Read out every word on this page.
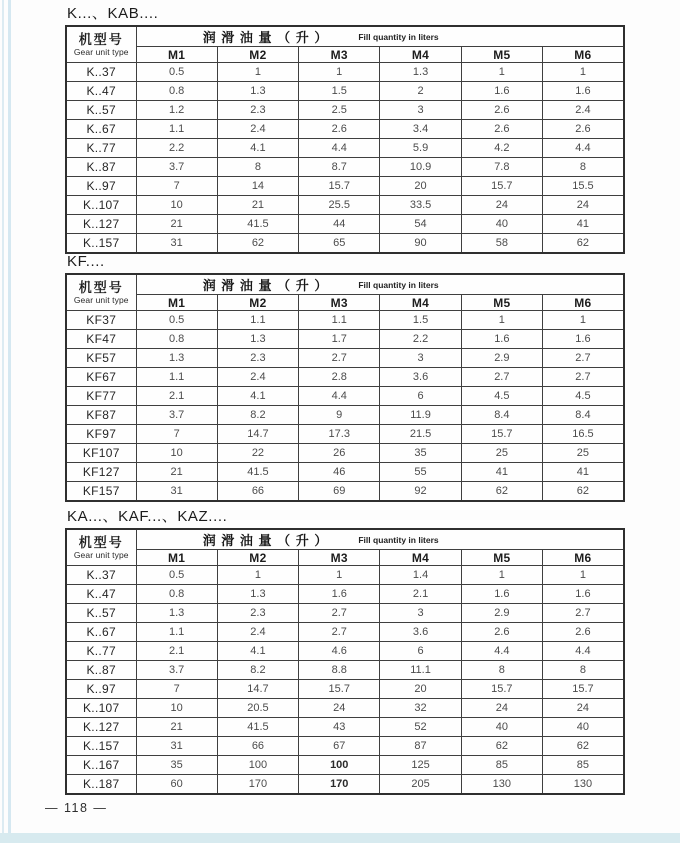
K...、KAB....
机型号
Gear unit type	润 滑 油 量 （ 升 ） Fill quantity in liters					

	M1	M2	M3	M4	M5	M6
K..37	0.5	1	1	1.3	1	1
K..47	0.8	1.3	1.5	2	1.6	1.6
K..57	1.2	2.3	2.5	3	2.6	2.4
K..67	1.1	2.4	2.6	3.4	2.6	2.6
K..77	2.2	4.1	4.4	5.9	4.2	4.4
K..87	3.7	8	8.7	10.9	7.8	8
K..97	7	14	15.7	20	15.7	15.5
K..107	10	21	25.5	33.5	24	24
K..127	21	41.5	44	54	40	41
K..157	31	62	65	90	58	62
KF....
机型号
Gear unit type	润 滑 油 量 （ 升 ） Fill quantity in liters					

	M1	M2	M3	M4	M5	M6
KF37	0.5	1.1	1.1	1.5	1	1
KF47	0.8	1.3	1.7	2.2	1.6	1.6
KF57	1.3	2.3	2.7	3	2.9	2.7
KF67	1.1	2.4	2.8	3.6	2.7	2.7
KF77	2.1	4.1	4.4	6	4.5	4.5
KF87	3.7	8.2	9	11.9	8.4	8.4
KF97	7	14.7	17.3	21.5	15.7	16.5
KF107	10	22	26	35	25	25
KF127	21	41.5	46	55	41	41
KF157	31	66	69	92	62	62
KA...、KAF...、KAZ....
机型号
Gear unit type	润 滑 油 量 （ 升 ） Fill quantity in liters					

	M1	M2	M3	M4	M5	M6
K..37	0.5	1	1	1.4	1	1
K..47	0.8	1.3	1.6	2.1	1.6	1.6
K..57	1.3	2.3	2.7	3	2.9	2.7
K..67	1.1	2.4	2.7	3.6	2.6	2.6
K..77	2.1	4.1	4.6	6	4.4	4.4
K..87	3.7	8.2	8.8	11.1	8	8
K..97	7	14.7	15.7	20	15.7	15.7
K..107	10	20.5	24	32	24	24
K..127	21	41.5	43	52	40	40
K..157	31	66	67	87	62	62
K..167	35	100	100	125	85	85
K..187	60	170	170	205	130	130
— 118 —
